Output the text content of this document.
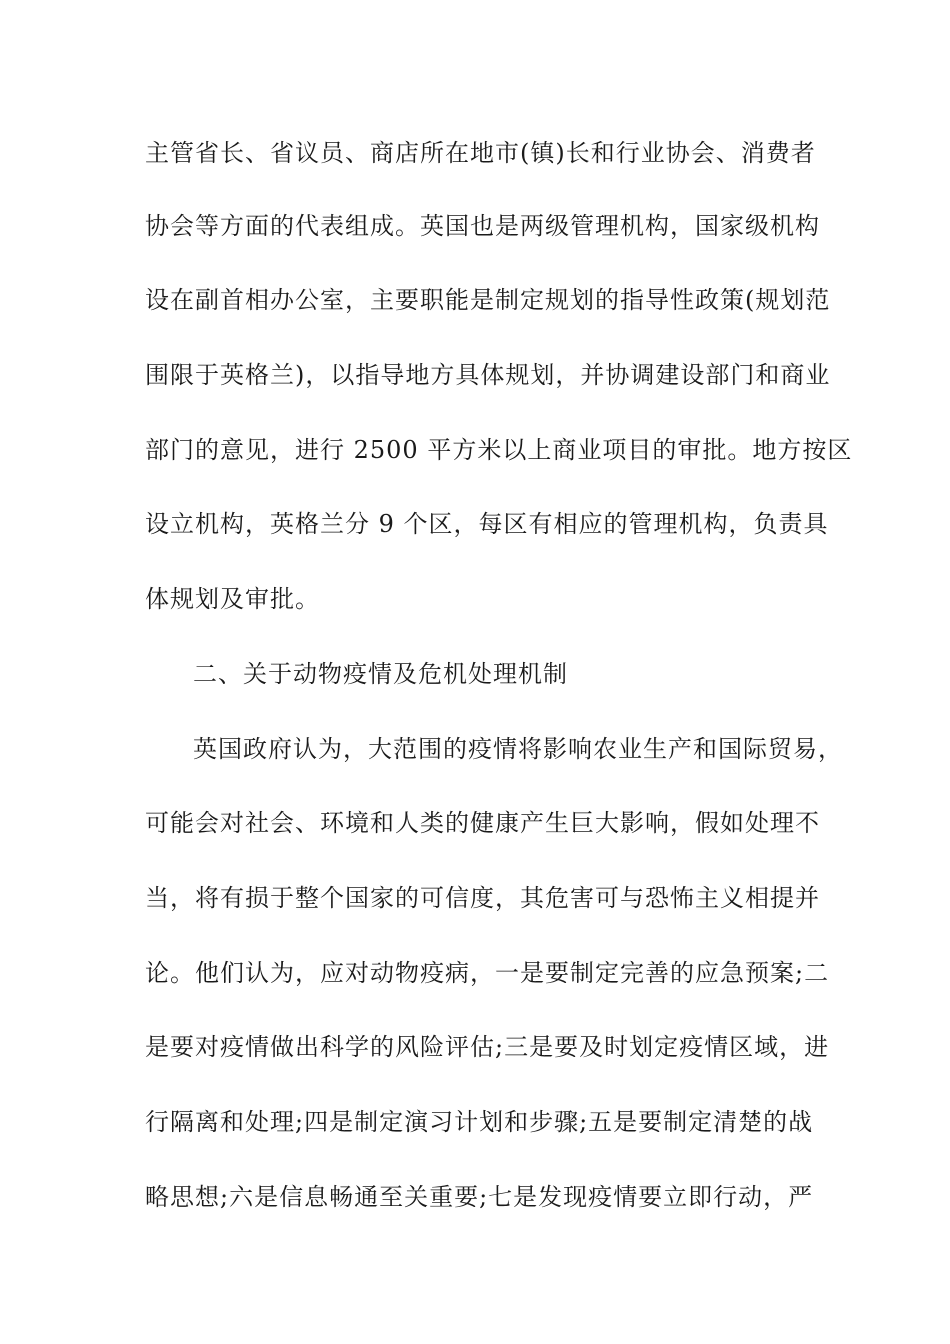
主管省长、省议员、商店所在地市(镇)长和行业协会、消费者
协会等方面的代表组成。英国也是两级管理机构，国家级机构
设在副首相办公室，主要职能是制定规划的指导性政策(规划范
围限于英格兰)，以指导地方具体规划，并协调建设部门和商业
部门的意见，进行 2500 平方米以上商业项目的审批。地方按区
设立机构，英格兰分 9 个区，每区有相应的管理机构，负责具
体规划及审批。
二、关于动物疫情及危机处理机制
英国政府认为，大范围的疫情将影响农业生产和国际贸易，
可能会对社会、环境和人类的健康产生巨大影响，假如处理不
当，将有损于整个国家的可信度，其危害可与恐怖主义相提并
论。他们认为，应对动物疫病，一是要制定完善的应急预案;二
是要对疫情做出科学的风险评估;三是要及时划定疫情区域，进
行隔离和处理;四是制定演习计划和步骤;五是要制定清楚的战
略思想;六是信息畅通至关重要;七是发现疫情要立即行动，严
